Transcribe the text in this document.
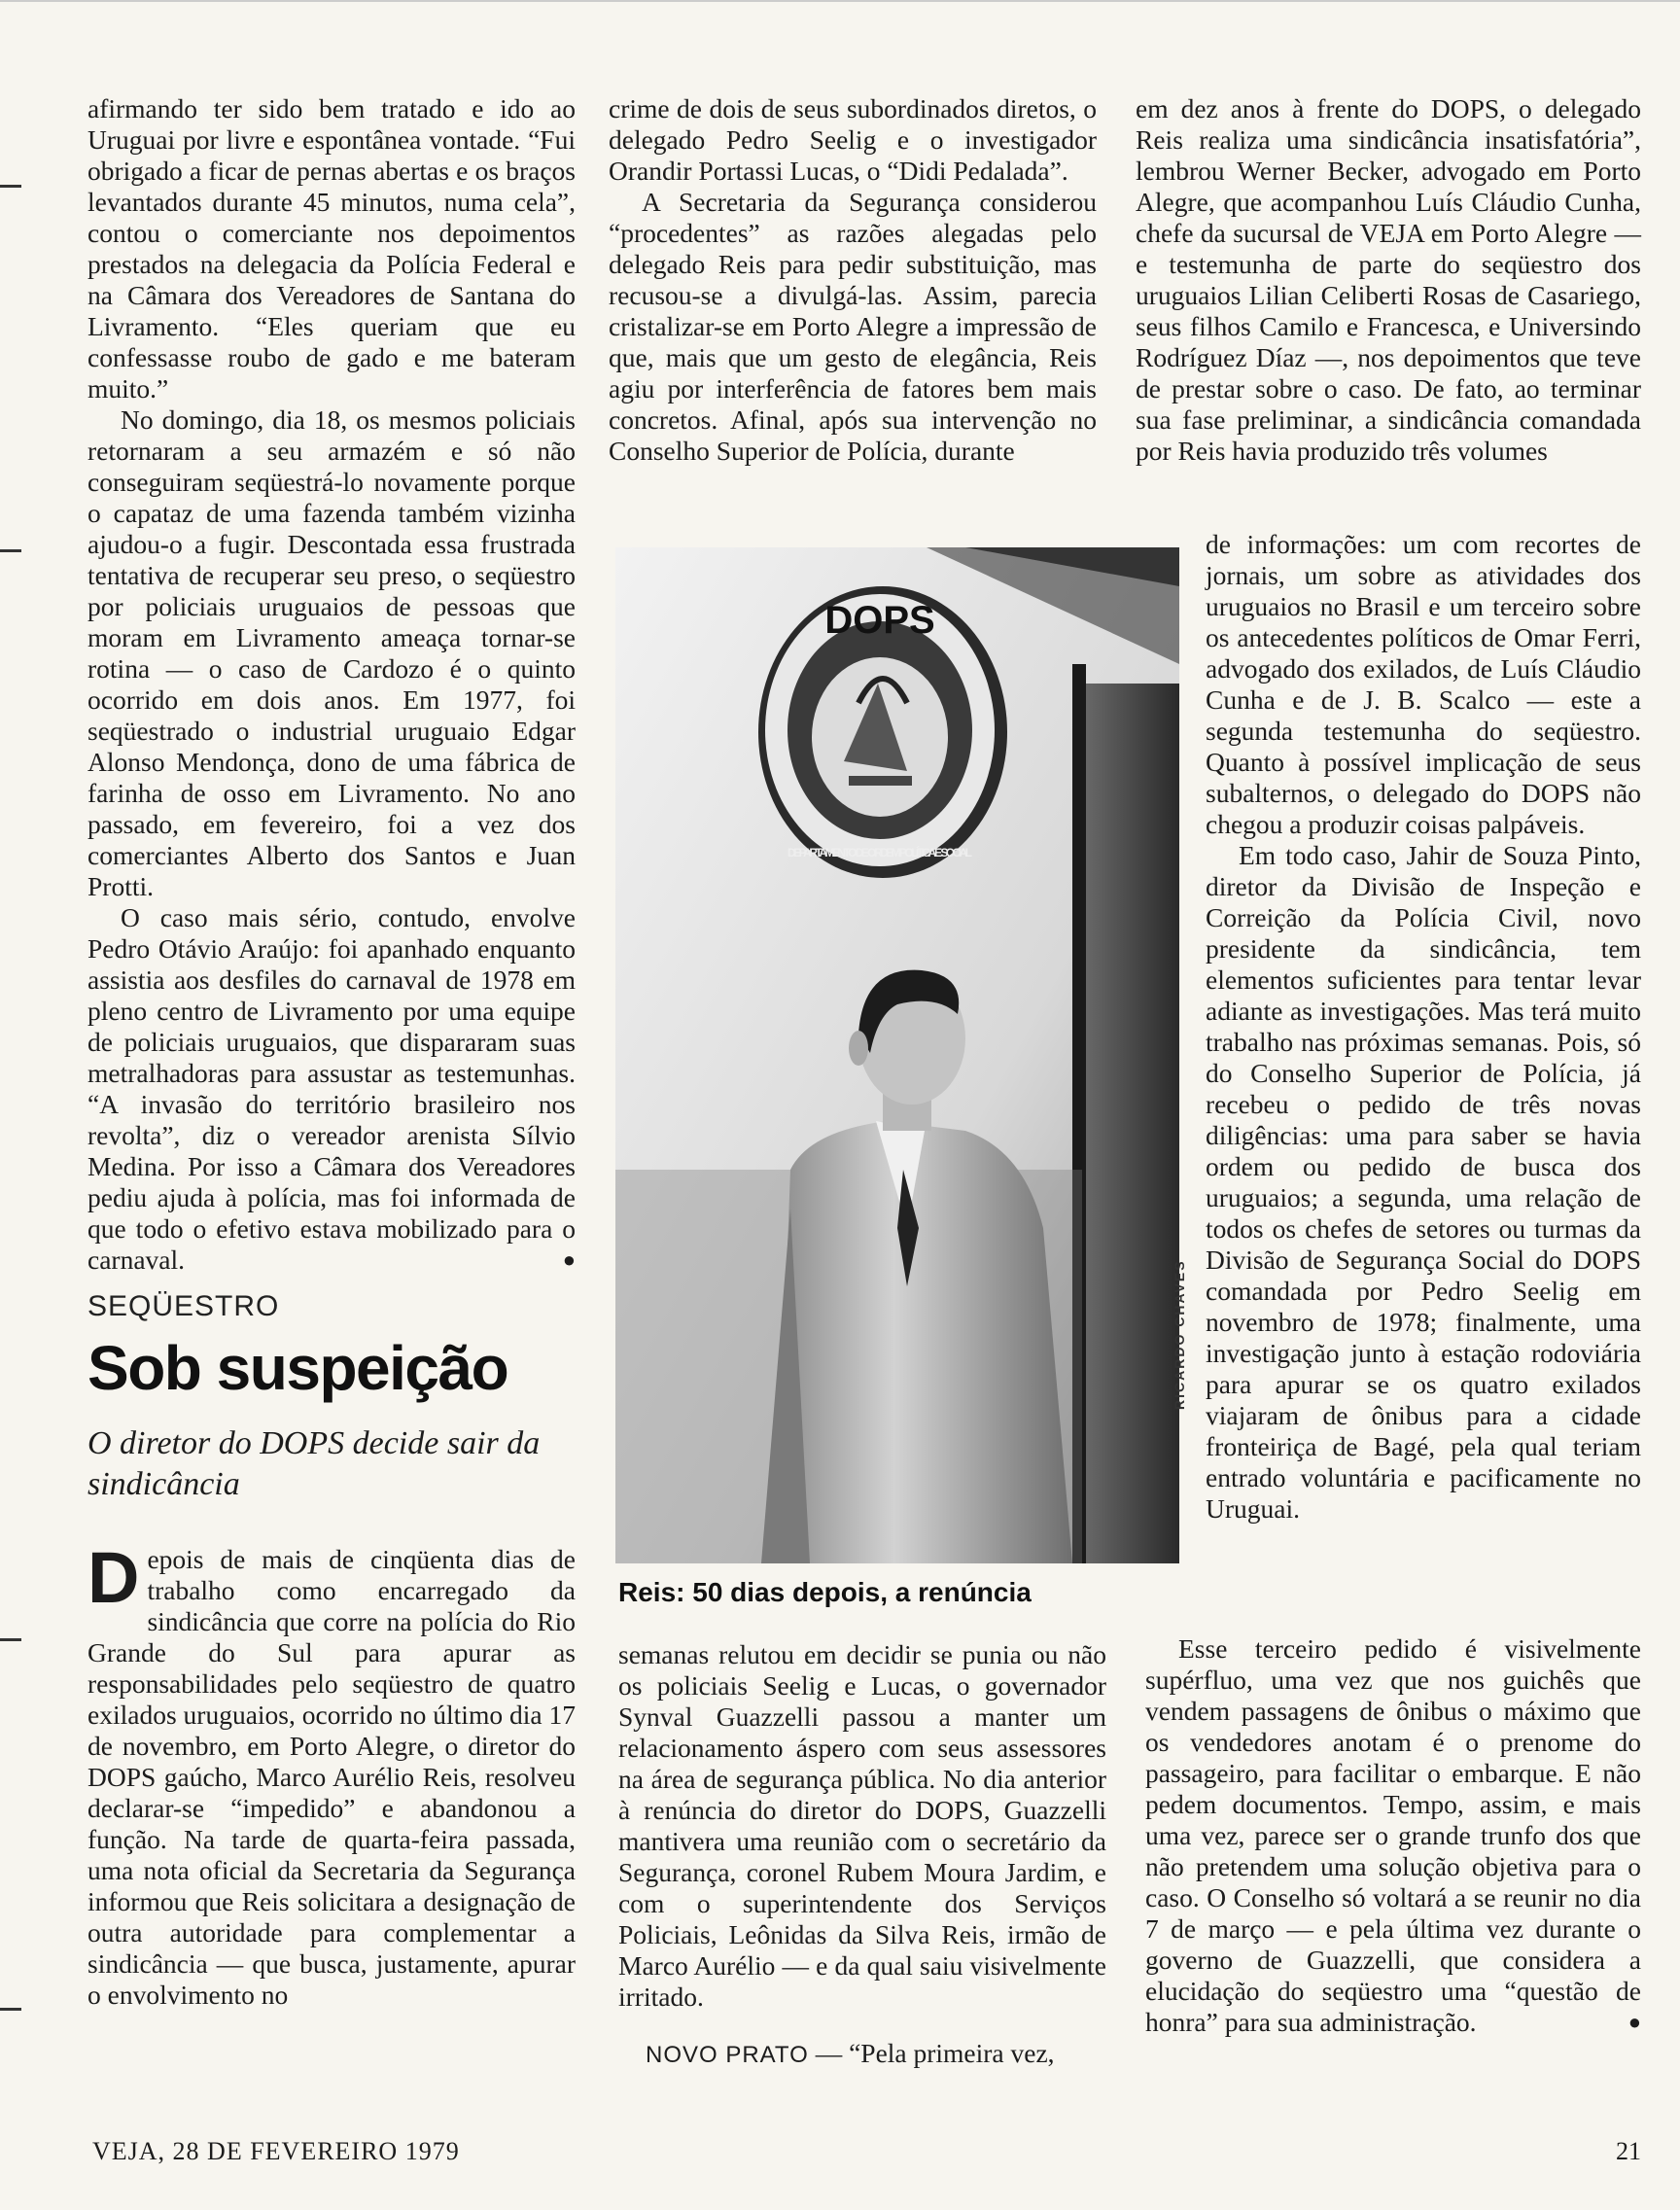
afirmando ter sido bem tratado e ido ao Uruguai por livre e espontânea vontade. “Fui obrigado a ficar de pernas abertas e os braços levantados durante 45 minutos, numa cela”, contou o comerciante nos depoimentos prestados na delegacia da Polícia Federal e na Câmara dos Vereadores de Santana do Livramento. “Eles queriam que eu confessasse roubo de gado e me bateram muito.”

No domingo, dia 18, os mesmos policiais retornaram a seu armazém e só não conseguiram seqüestrá-lo novamente porque o capataz de uma fazenda também vizinha ajudou-o a fugir. Descontada essa frustrada tentativa de recuperar seu preso, o seqüestro por policiais uruguaios de pessoas que moram em Livramento ameaça tornar-se rotina — o caso de Cardozo é o quinto ocorrido em dois anos. Em 1977, foi seqüestrado o industrial uruguaio Edgar Alonso Mendonça, dono de uma fábrica de farinha de osso em Livramento. No ano passado, em fevereiro, foi a vez dos comerciantes Alberto dos Santos e Juan Protti.

O caso mais sério, contudo, envolve Pedro Otávio Araújo: foi apanhado enquanto assistia aos desfiles do carnaval de 1978 em pleno centro de Livramento por uma equipe de policiais uruguaios, que dispararam suas metralhadoras para assustar as testemunhas. “A invasão do território brasileiro nos revolta”, diz o vereador arenista Sílvio Medina. Por isso a Câmara dos Vereadores pediu ajuda à polícia, mas foi informada de que todo o efetivo estava mobilizado para o carnaval.	●

SEQÜESTRO
Sob suspeição
O diretor do DOPS decide sair da sindicância

Depois de mais de cinqüenta dias de trabalho como encarregado da sindicância que corre na polícia do Rio Grande do Sul para apurar as responsabilidades pelo seqüestro de quatro exilados uruguaios, ocorrido no último dia 17 de novembro, em Porto Alegre, o diretor do DOPS gaúcho, Marco Aurélio Reis, resolveu declarar-se “impedido” e abandonou a função. Na tarde de quarta-feira passada, uma nota oficial da Secretaria da Segurança informou que Reis solicitara a designação de outra autoridade para complementar a sindicância — que busca, justamente, apurar o envolvimento no

crime de dois de seus subordinados diretos, o delegado Pedro Seelig e o investigador Orandir Portassi Lucas, o “Didi Pedalada”.

A Secretaria da Segurança considerou “procedentes” as razões alegadas pelo delegado Reis para pedir substituição, mas recusou-se a divulgá-las. Assim, parecia cristalizar-se em Porto Alegre a impressão de que, mais que um gesto de elegância, Reis agiu por interferência de fatores bem mais concretos. Afinal, após sua intervenção no Conselho Superior de Polícia, durante

DOPS
DEPARTAMENTO DE ORDEM POLÍTICA E SOCIAL
RICARDO CHAVES
Reis: 50 dias depois, a renúncia

semanas relutou em decidir se punia ou não os policiais Seelig e Lucas, o governador Synval Guazzelli passou a manter um relacionamento áspero com seus assessores na área de segurança pública. No dia anterior à renúncia do diretor do DOPS, Guazzelli mantivera uma reunião com o secretário da Segurança, coronel Rubem Moura Jardim, e com o superintendente dos Serviços Policiais, Leônidas da Silva Reis, irmão de Marco Aurélio — e da qual saiu visivelmente irritado.

NOVO PRATO — “Pela primeira vez,

em dez anos à frente do DOPS, o delegado Reis realiza uma sindicância insatisfatória”, lembrou Werner Becker, advogado em Porto Alegre, que acompanhou Luís Cláudio Cunha, chefe da sucursal de VEJA em Porto Alegre — e testemunha de parte do seqüestro dos uruguaios Lilian Celiberti Rosas de Casariego, seus filhos Camilo e Francesca, e Universindo Rodríguez Díaz —, nos depoimentos que teve de prestar sobre o caso. De fato, ao terminar sua fase preliminar, a sindicância comandada por Reis havia produzido três volumes

de informações: um com recortes de jornais, um sobre as atividades dos uruguaios no Brasil e um terceiro sobre os antecedentes políticos de Omar Ferri, advogado dos exilados, de Luís Cláudio Cunha e de J. B. Scalco — este a segunda testemunha do seqüestro. Quanto à possível implicação de seus subalternos, o delegado do DOPS não chegou a produzir coisas palpáveis.

Em todo caso, Jahir de Souza Pinto, diretor da Divisão de Inspeção e Correição da Polícia Civil, novo presidente da sindicância, tem elementos suficientes para tentar levar adiante as investigações. Mas terá muito trabalho nas próximas semanas. Pois, só do Conselho Superior de Polícia, já recebeu o pedido de três novas diligências: uma para saber se havia ordem ou pedido de busca dos uruguaios; a segunda, uma relação de todos os chefes de setores ou turmas da Divisão de Segurança Social do DOPS comandada por Pedro Seelig em novembro de 1978; finalmente, uma investigação junto à estação rodoviária para apurar se os quatro exilados viajaram de ônibus para a cidade fronteiriça de Bagé, pela qual teriam entrado voluntária e pacificamente no Uruguai.

Esse terceiro pedido é visivelmente supérfluo, uma vez que nos guichês que vendem passagens de ônibus o máximo que os vendedores anotam é o prenome do passageiro, para facilitar o embarque. E não pedem documentos. Tempo, assim, e mais uma vez, parece ser o grande trunfo dos que não pretendem uma solução objetiva para o caso. O Conselho só voltará a se reunir no dia 7 de março — e pela última vez durante o governo de Guazzelli, que considera a elucidação do seqüestro uma “questão de honra” para sua administração.	●

VEJA, 28 DE FEVEREIRO 1979	21
